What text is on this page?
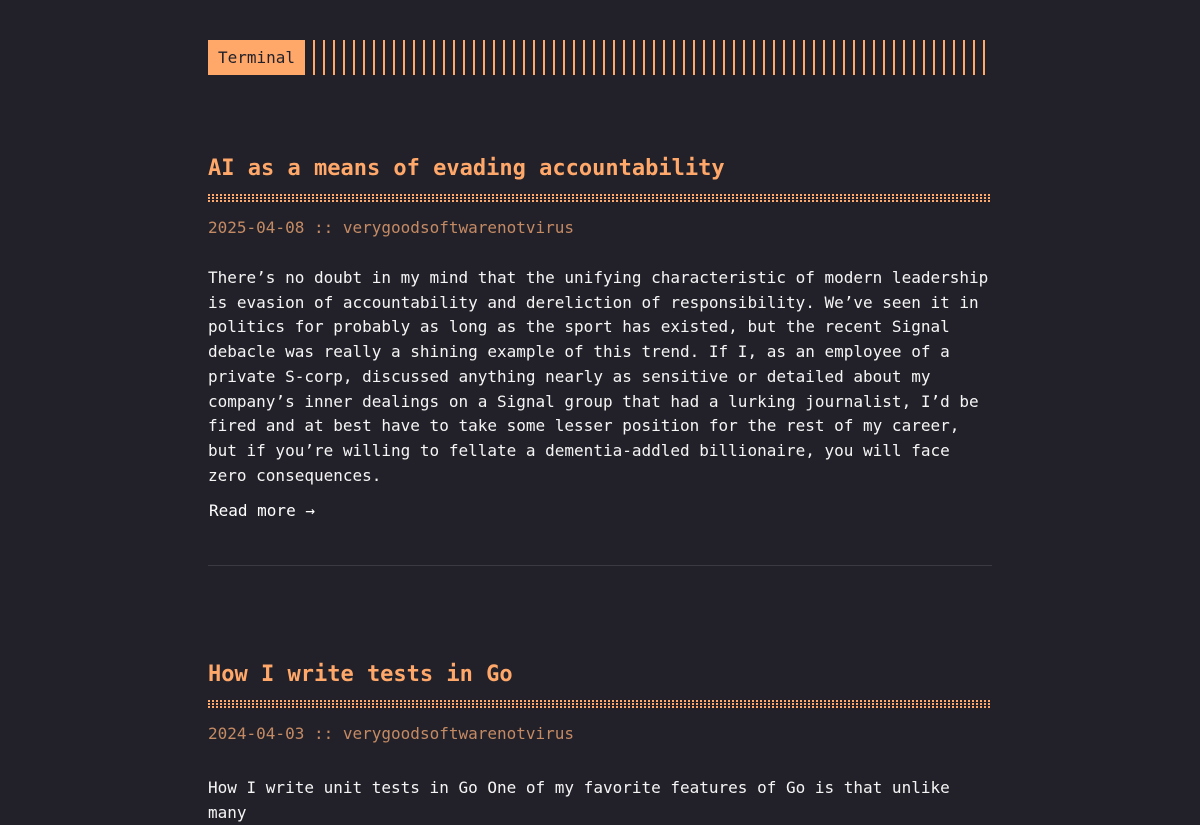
Terminal
AI as a means of evading accountability
2025-04-08 :: verygoodsoftwarenotvirus

There’s no doubt in my mind that the unifying characteristic of modern leadership is evasion of accountability and dereliction of responsibility. We’ve seen it in politics for probably as long as the sport has existed, but the recent Signal debacle was really a shining example of this trend. If I, as an employee of a private S-corp, discussed anything nearly as sensitive or detailed about my company’s inner dealings on a Signal group that had a lurking journalist, I’d be fired and at best have to take some lesser position for the rest of my career, but if you’re willing to fellate a dementia-addled billionaire, you will face zero consequences.

Read more →
How I write tests in Go
2024-04-03 :: verygoodsoftwarenotvirus

How I write unit tests in Go One of my favorite features of Go is that unlike many
